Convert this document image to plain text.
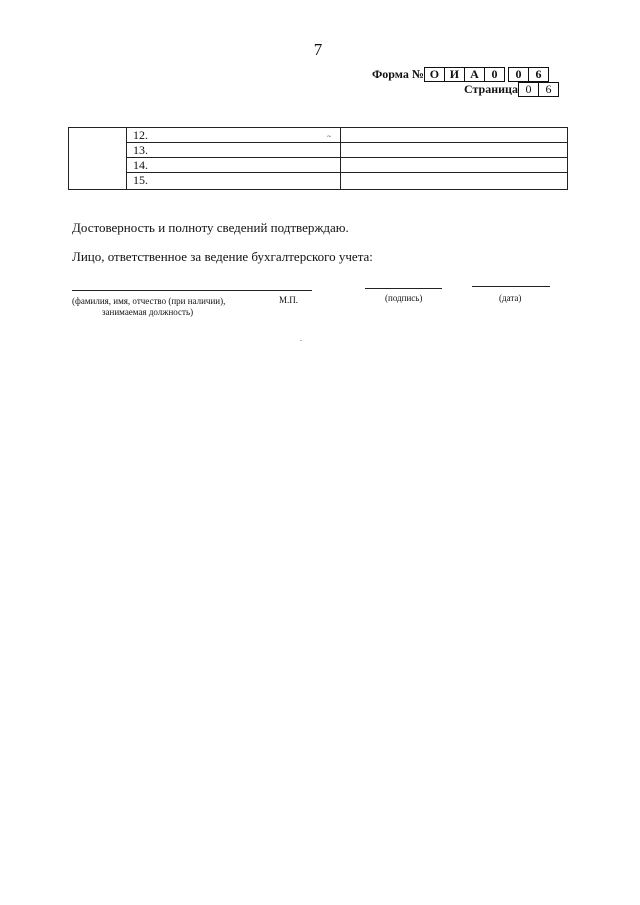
7
Форма № О И А	0	0	6
Страница 0	6
12.
13.
14.
15.
~
Достоверность и полноту сведений подтверждаю.
Лицо, ответственное за ведение бухгалтерского учета:
(фамилия, имя, отчество (при наличии),
занимаемая должность)
М.П.	(подпись)	(дата)
